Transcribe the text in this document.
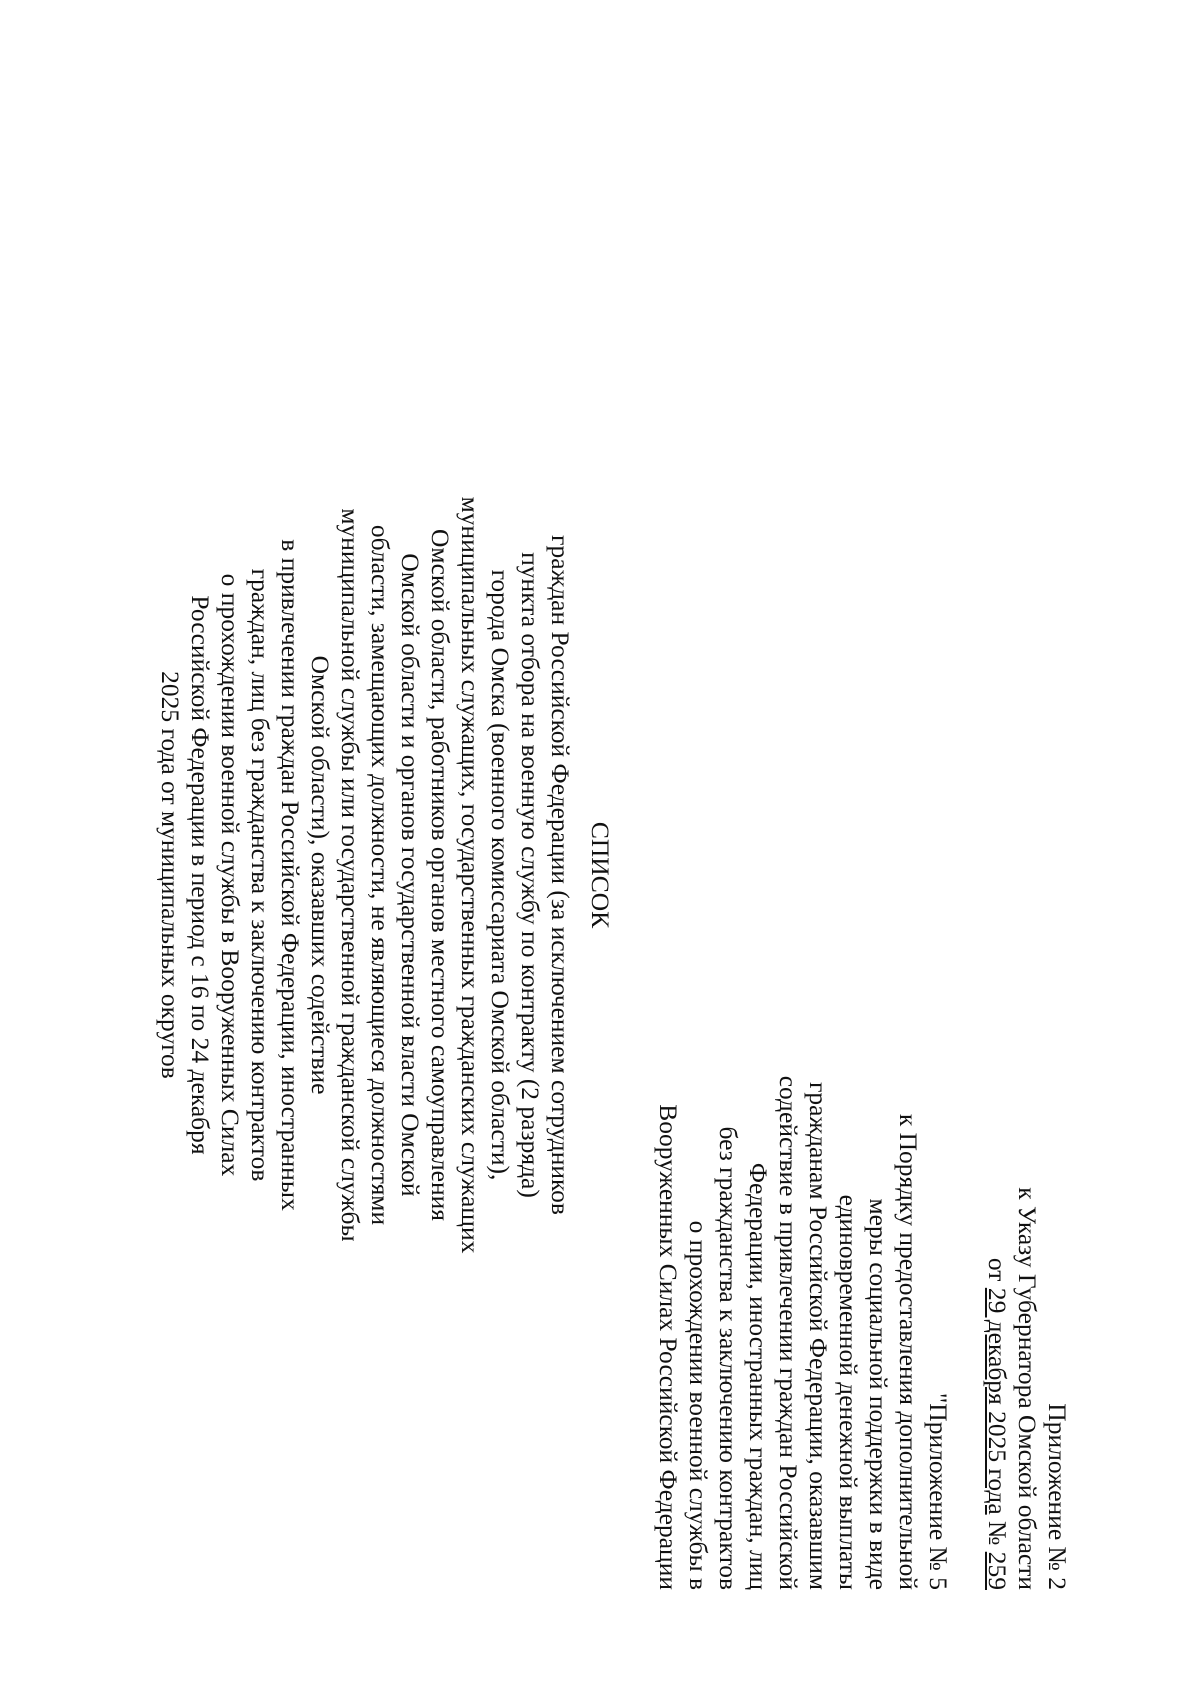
Приложение № 2
к Указу Губернатора Омской области
от 29 декабря 2025 года № 259
"Приложение № 5
к Порядку предоставления дополнительной
меры социальной поддержки в виде
единовременной денежной выплаты
гражданам Российской Федерации, оказавшим
содействие в привлечении граждан Российской
Федерации, иностранных граждан, лиц
без гражданства к заключению контрактов
о прохождении военной службы в
Вооруженных Силах Российской Федерации
СПИСОК
граждан Российской Федерации (за исключением сотрудников
пункта отбора на военную службу по контракту (2 разряда)
города Омска (военного комиссариата Омской области),
муниципальных служащих, государственных гражданских служащих
Омской области, работников органов местного самоуправления
Омской области и органов государственной власти Омской
области, замещающих должности, не являющиеся должностями
муниципальной службы или государственной гражданской службы
Омской области), оказавших содействие
в привлечении граждан Российской Федерации, иностранных
граждан, лиц без гражданства к заключению контрактов
о прохождении военной службы в Вооруженных Силах
Российской Федерации в период с 16 по 24 декабря
2025 года от муниципальных округов
